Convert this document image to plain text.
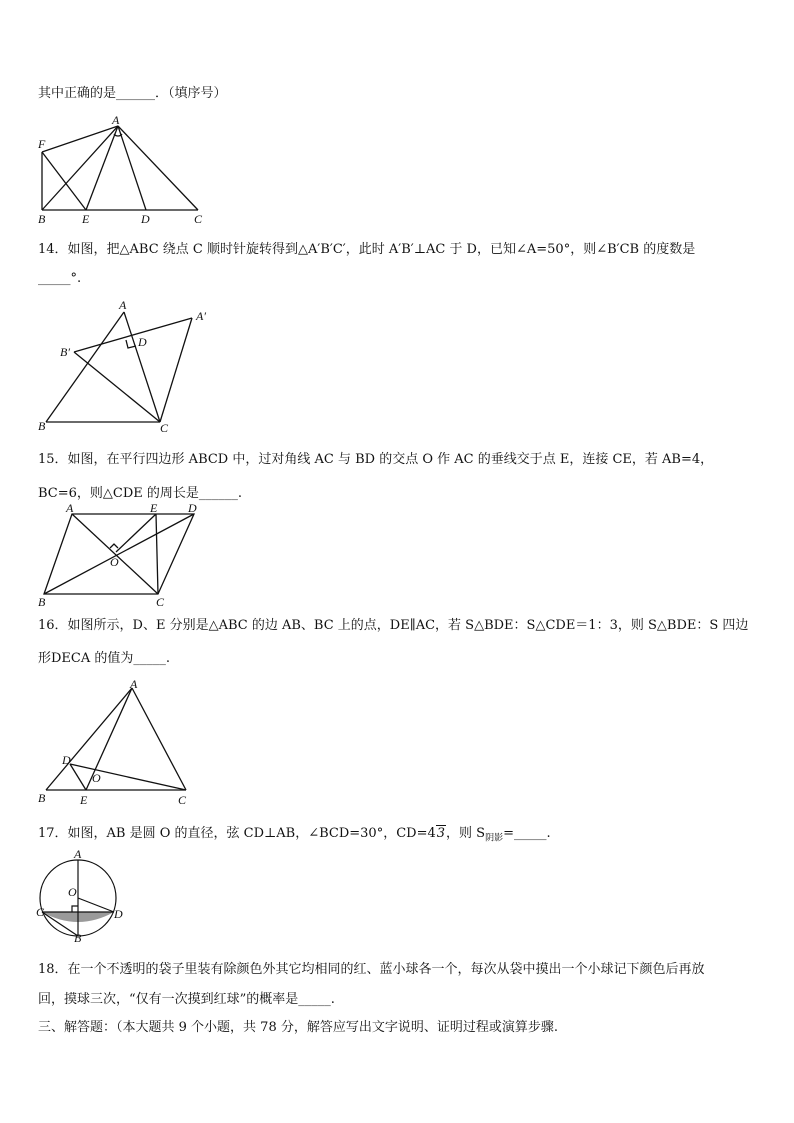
其中正确的是______．（填序号）
A
F
B	E	D	C
14．如图，把△ABC 绕点 C 顺时针旋转得到△A′B′C′，此时 A′B′⊥AC 于 D，已知∠A=50°，则∠B′CB 的度数是
_____°.
A
A′
B′
D
B	C
15．如图，在平行四边形 ABCD 中，过对角线 AC 与 BD 的交点 O 作 AC 的垂线交于点 E，连接 CE，若 AB=4，
BC=6，则△CDE 的周长是______.
A	E	D
O
B	C
16．如图所示，D、E 分别是△ABC 的边 AB、BC 上的点，DE∥AC，若 S△BDE：S△CDE＝1：3，则 S△BDE：S 四边
形DECA 的值为_____.
A
D
O
B	E	C
17．如图，AB 是圆 O 的直径，弦 CD⊥AB，∠BCD=30°，CD=43，则 $S_{阴影}=\_\_\_\_\_$.
A
O
C	D
B
18．在一个不透明的袋子里装有除颜色外其它均相同的红、蓝小球各一个，每次从袋中摸出一个小球记下颜色后再放
回，摸球三次，“仅有一次摸到红球”的概率是_____.
三、解答题：（本大题共 9 个小题，共 78 分，解答应写出文字说明、证明过程或演算步骤.
